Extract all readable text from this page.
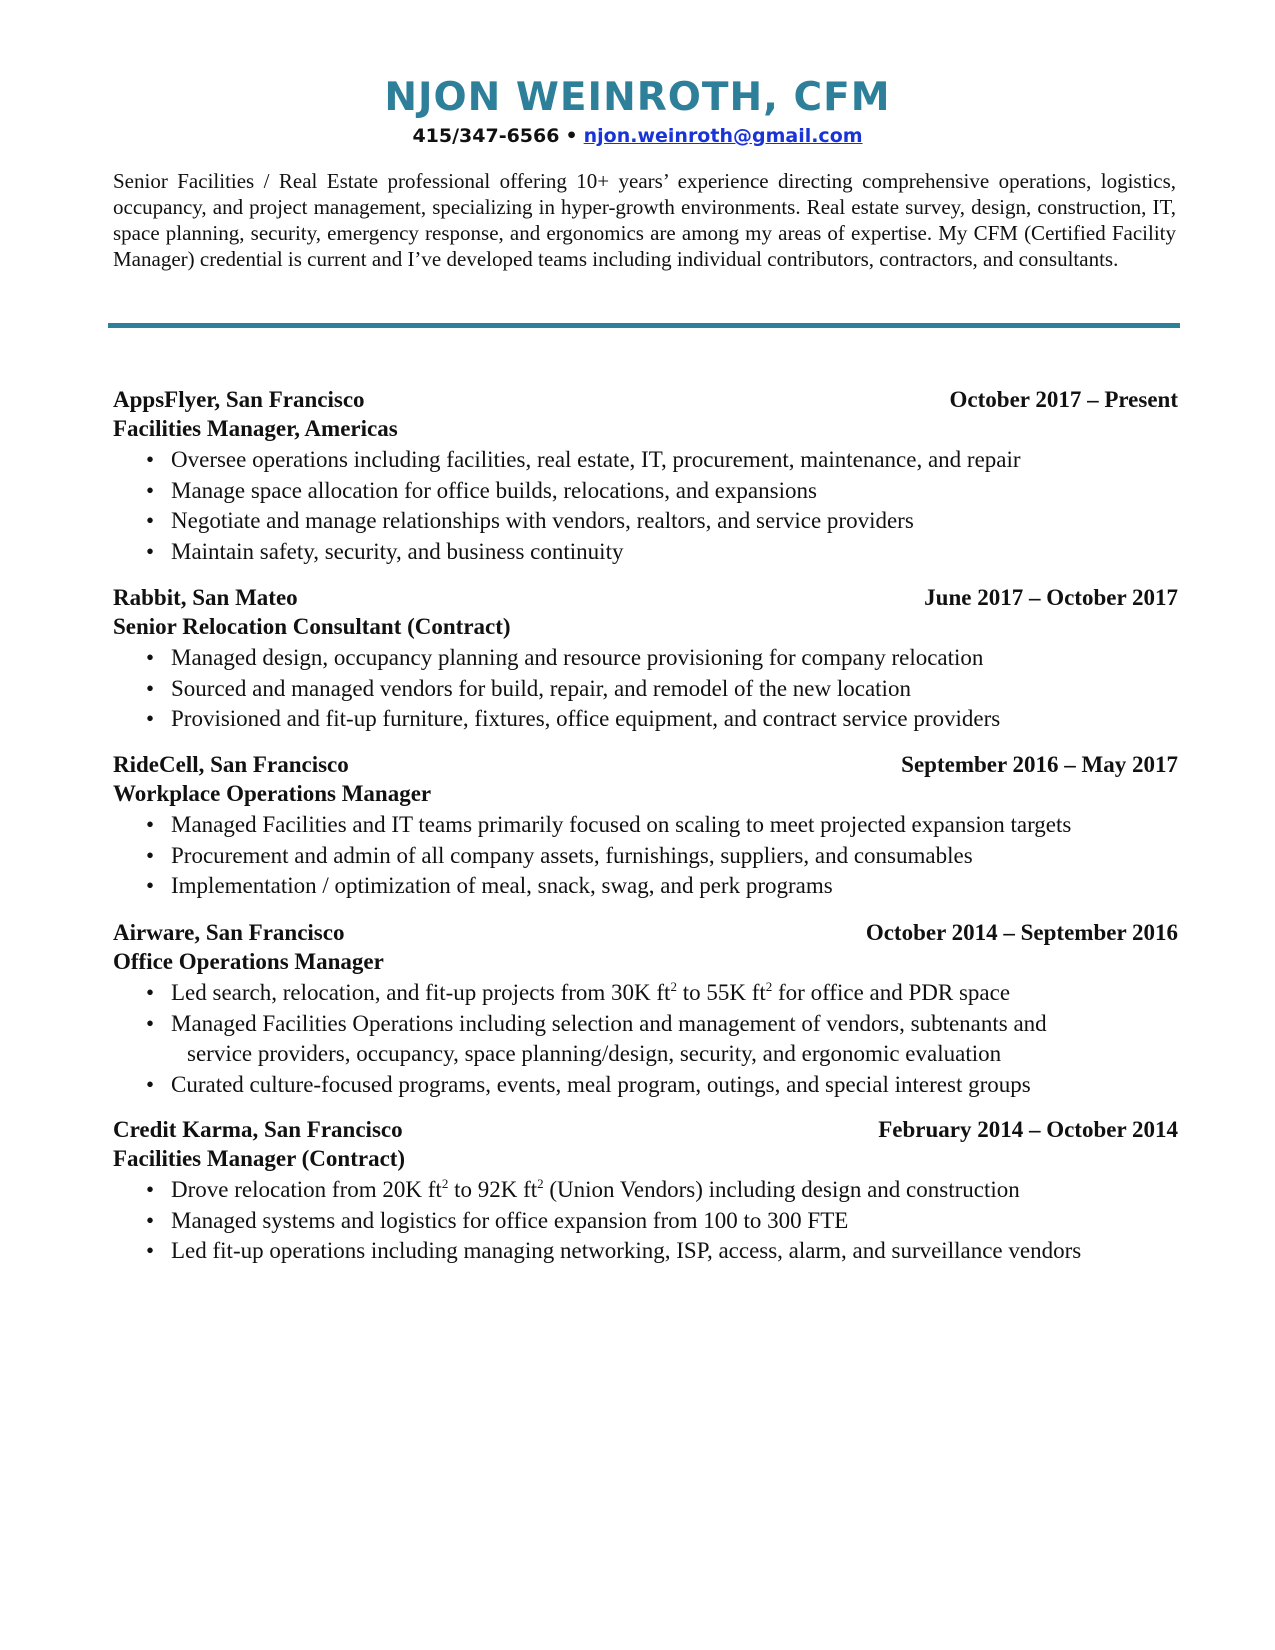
NJON WEINROTH, CFM
415/347-6566 • njon.weinroth@gmail.com

Senior Facilities / Real Estate professional offering 10+ years’ experience directing comprehensive operations, logistics, occupancy, and project management, specializing in hyper-growth environments. Real estate survey, design, construction, IT, space planning, security, emergency response, and ergonomics are among my areas of expertise. My CFM (Certified Facility Manager) credential is current and I’ve developed teams including individual contributors, contractors, and consultants.

AppsFlyer, San Francisco	October 2017 – Present
Facilities Manager, Americas
• Oversee operations including facilities, real estate, IT, procurement, maintenance, and repair
• Manage space allocation for office builds, relocations, and expansions
• Negotiate and manage relationships with vendors, realtors, and service providers
• Maintain safety, security, and business continuity
Rabbit, San Mateo	June 2017 – October 2017
Senior Relocation Consultant (Contract)
• Managed design, occupancy planning and resource provisioning for company relocation
• Sourced and managed vendors for build, repair, and remodel of the new location
• Provisioned and fit-up furniture, fixtures, office equipment, and contract service providers
RideCell, San Francisco	September 2016 – May 2017
Workplace Operations Manager
• Managed Facilities and IT teams primarily focused on scaling to meet projected expansion targets
• Procurement and admin of all company assets, furnishings, suppliers, and consumables
• Implementation / optimization of meal, snack, swag, and perk programs
Airware, San Francisco	October 2014 – September 2016
Office Operations Manager
• Led search, relocation, and fit-up projects from 30K $ft^2$ to 55K $ft^2$ for office and PDR space
• Managed Facilities Operations including selection and management of vendors, subtenants and
service providers, occupancy, space planning/design, security, and ergonomic evaluation
• Curated culture-focused programs, events, meal program, outings, and special interest groups
Credit Karma, San Francisco	February 2014 – October 2014
Facilities Manager (Contract)
• Drove relocation from 20K $ft^2$ to 92K $ft^2$ (Union Vendors) including design and construction
• Managed systems and logistics for office expansion from 100 to 300 FTE
• Led fit-up operations including managing networking, ISP, access, alarm, and surveillance vendors
